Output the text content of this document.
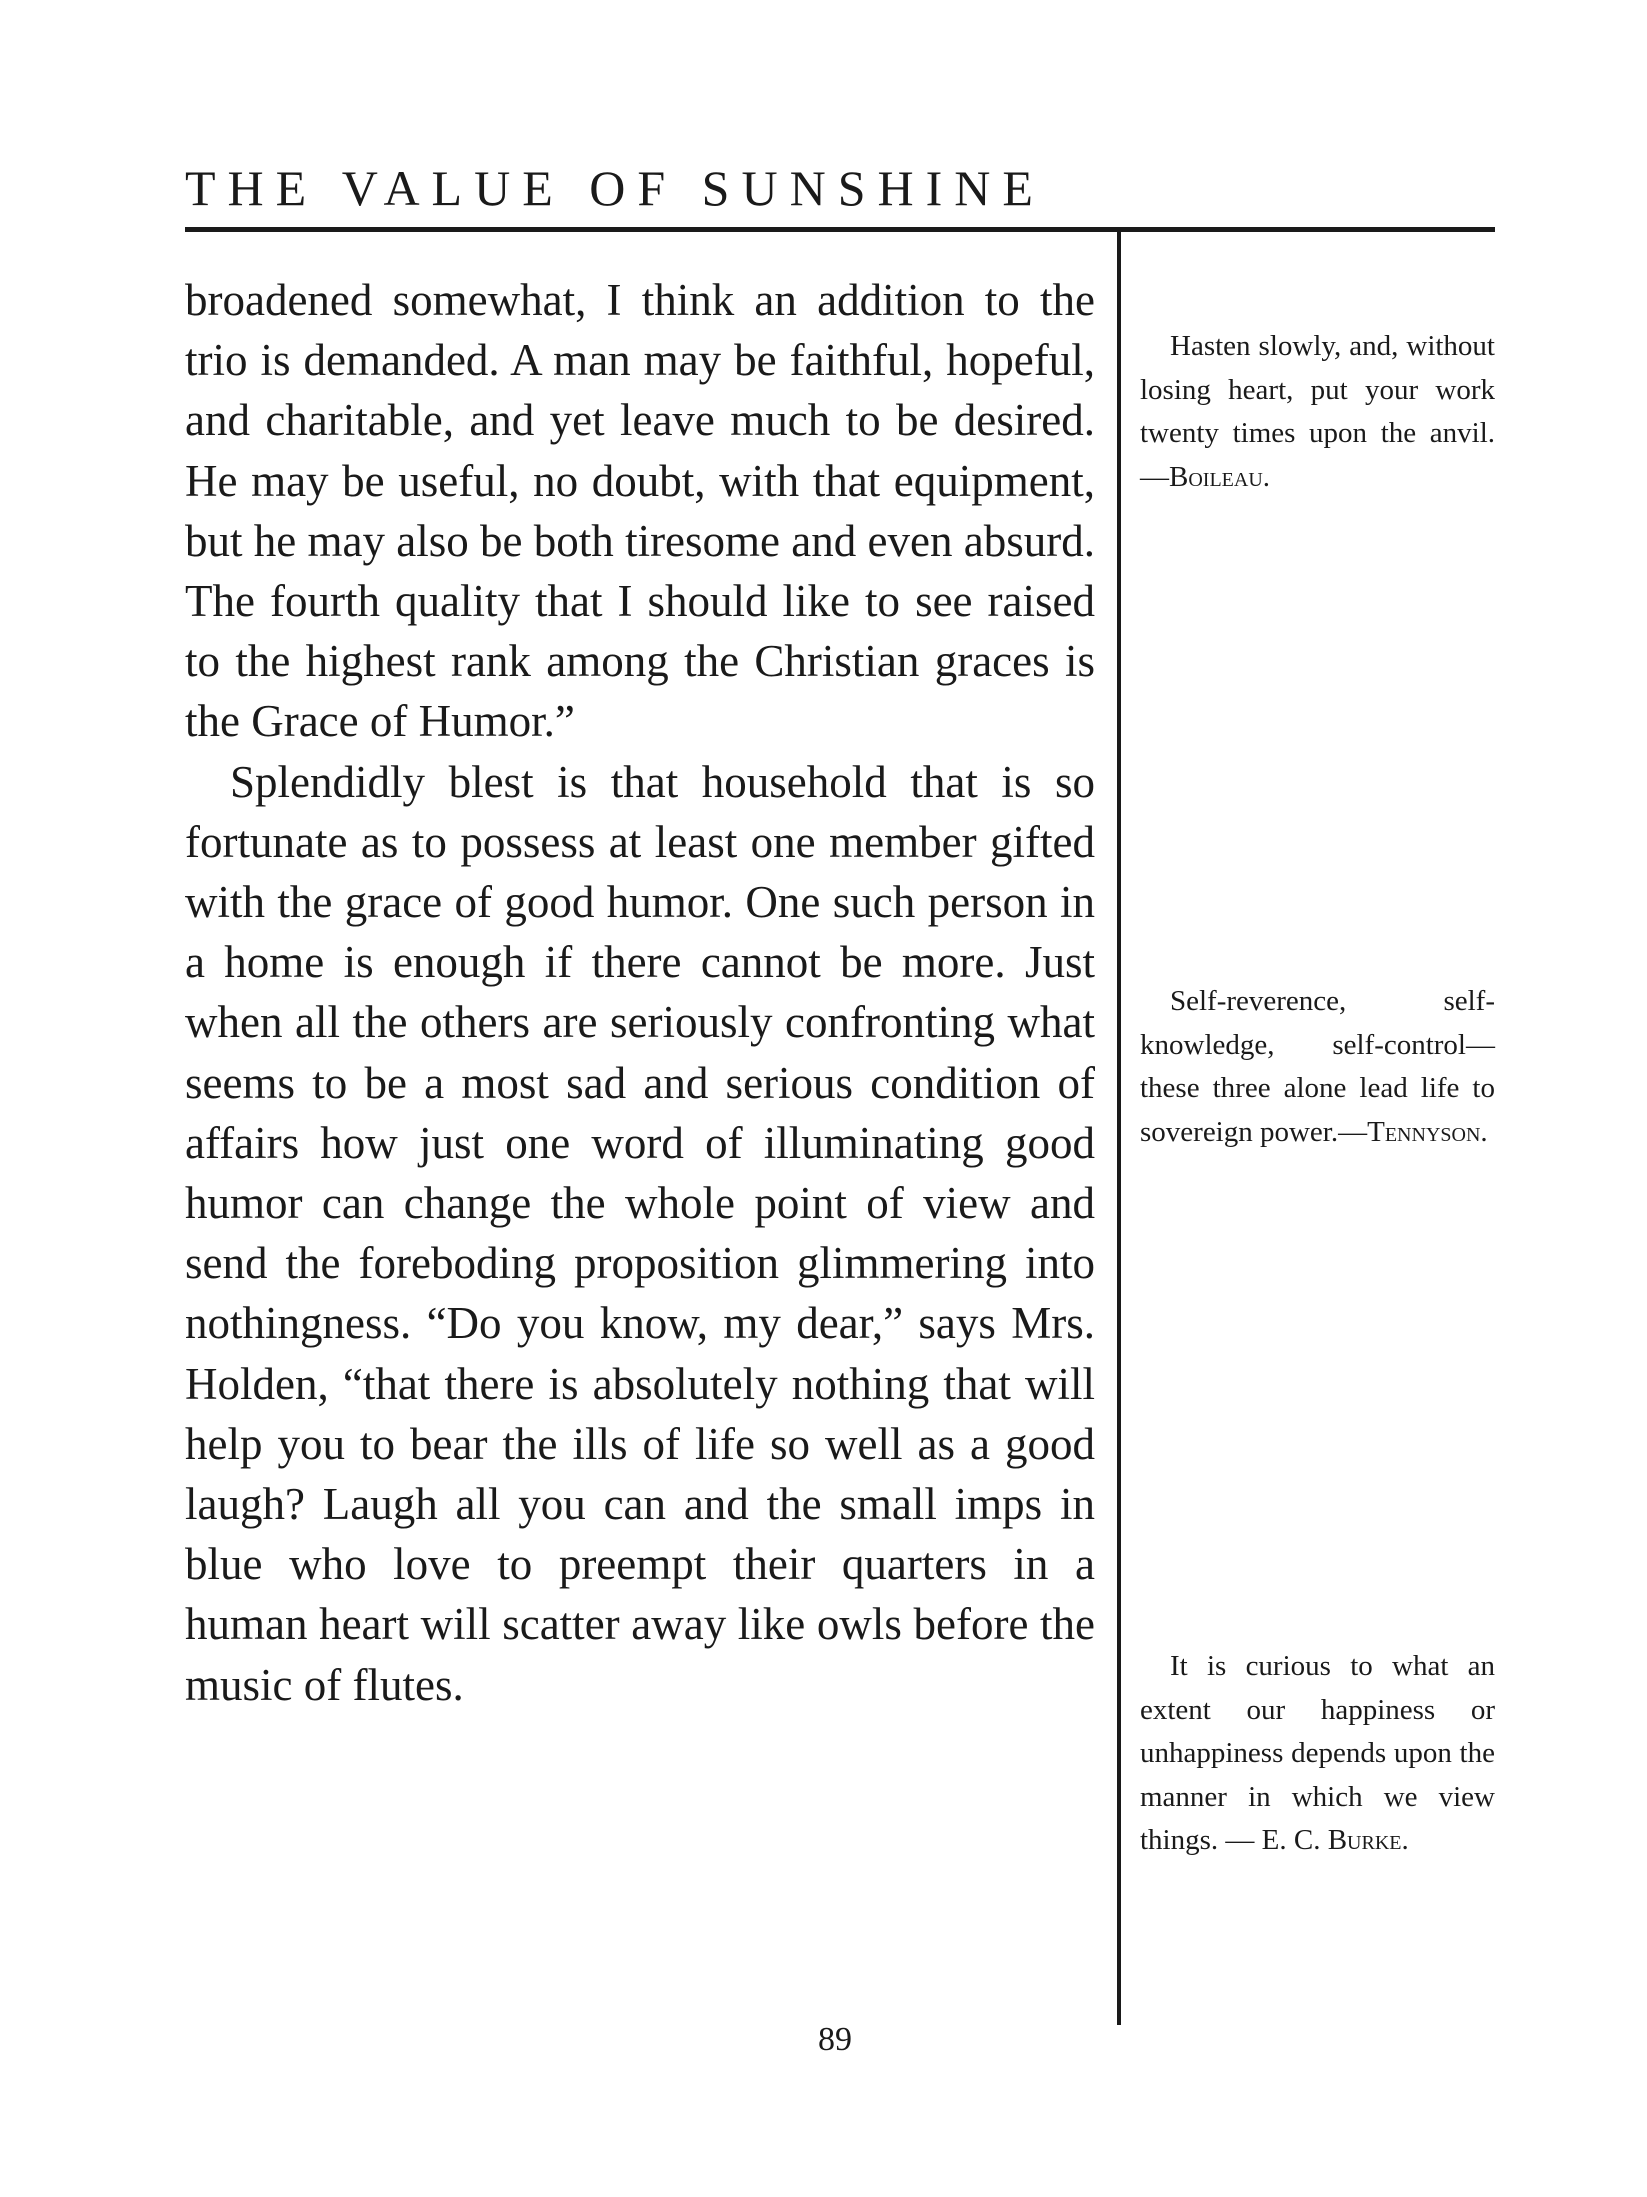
THE VALUE OF SUNSHINE

broadened somewhat, I think an addition to the trio is demanded. A man may be faithful, hopeful, and charitable, and yet leave much to be desired. He may be useful, no doubt, with that equipment, but he may also be both tiresome and even absurd. The fourth quality that I should like to see raised to the highest rank among the Christian graces is the Grace of Humor.”

Splendidly blest is that household that is so fortunate as to possess at least one member gifted with the grace of good humor. One such person in a home is enough if there cannot be more. Just when all the others are seriously confronting what seems to be a most sad and serious condition of affairs how just one word of illuminating good humor can change the whole point of view and send the foreboding proposition glimmering into nothingness. “Do you know, my dear,” says Mrs. Holden, “that there is absolutely nothing that will help you to bear the ills of life so well as a good laugh? Laugh all you can and the small imps in blue who love to preempt their quarters in a human heart will scatter away like owls before the music of flutes.

Hasten slowly, and, without losing heart, put your work twenty times upon the anvil. —Boileau.

Self-reverence, self-knowledge, self-control—these three alone lead life to sovereign power.—Tennyson.

It is curious to what an extent our happiness or unhappiness depends upon the manner in which we view things. — E. C. Burke.

89
